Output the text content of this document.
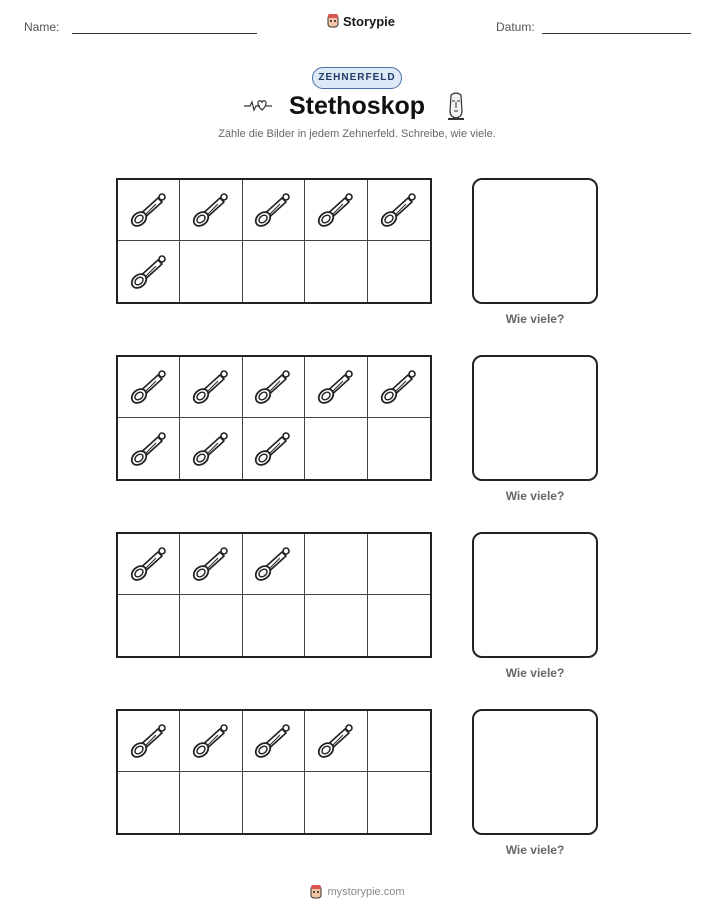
Name:	Storypie	Datum:
ZEHNERFELD
Stethoskop
Zähle die Bilder in jedem Zehnerfeld. Schreibe, wie viele.
Wie viele?
Wie viele?
Wie viele?
Wie viele?
mystorypie.com
